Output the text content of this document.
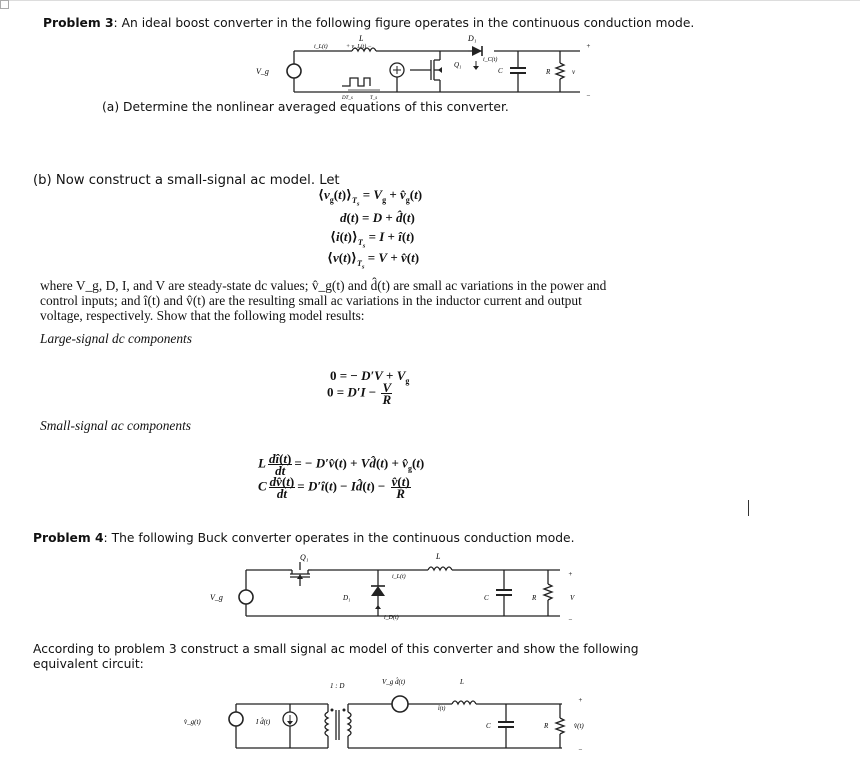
Problem 3: An ideal boost converter in the following figure operates in the continuous conduction mode.
L	D₁
i_L(t)	+ v_L(t) −
i_C(t)
Q₁
C	R	v
V_g
DT_s	T_s
+
−
(a) Determine the nonlinear averaged equations of this converter.
(b) Now construct a small-signal ac model. Let
$⟨v_g(t)⟩_{T_s} = V_g$ + $v̂_g(t)$
d(t) = D + d̂(t)
$⟨i(t)⟩_{T_s} = I$ + î(t)
$⟨v(t)⟩_{T_s} = V$ + v̂(t)
where V_g, D, I, and V are steady-state dc values; v̂_g(t) and d̂(t) are small ac variations in the power and
control inputs; and î(t) and v̂(t) are the resulting small ac variations in the inductor current and output
voltage, respectively. Show that the following model results:
Large-signal dc components
0 = − $D'V + V_g$
$0 = D'I - \frac{V}{R}$
Small-signal ac components
L $\frac{dî(t)}{dt}$ = − D′v̂(t) + Vd̂(t) + $v̂_g(t)$
C $\frac{dv̂(t)}{dt}$ = D′î(t) − Id̂(t) − $\frac{v̂(t)}{R}$
Problem 4: The following Buck converter operates in the continuous conduction mode.
Q₁	L
i_L(t)
D₁
i_D(t)
C	R	V
V_g
+
−
According to problem 3 construct a small signal ac model of this converter and show the following
equivalent circuit:
v̂_g(t)	I d̂(t)
1 : D	V_g d̂(t)	L
î(t)
C	R	v̂(t)
+
−
